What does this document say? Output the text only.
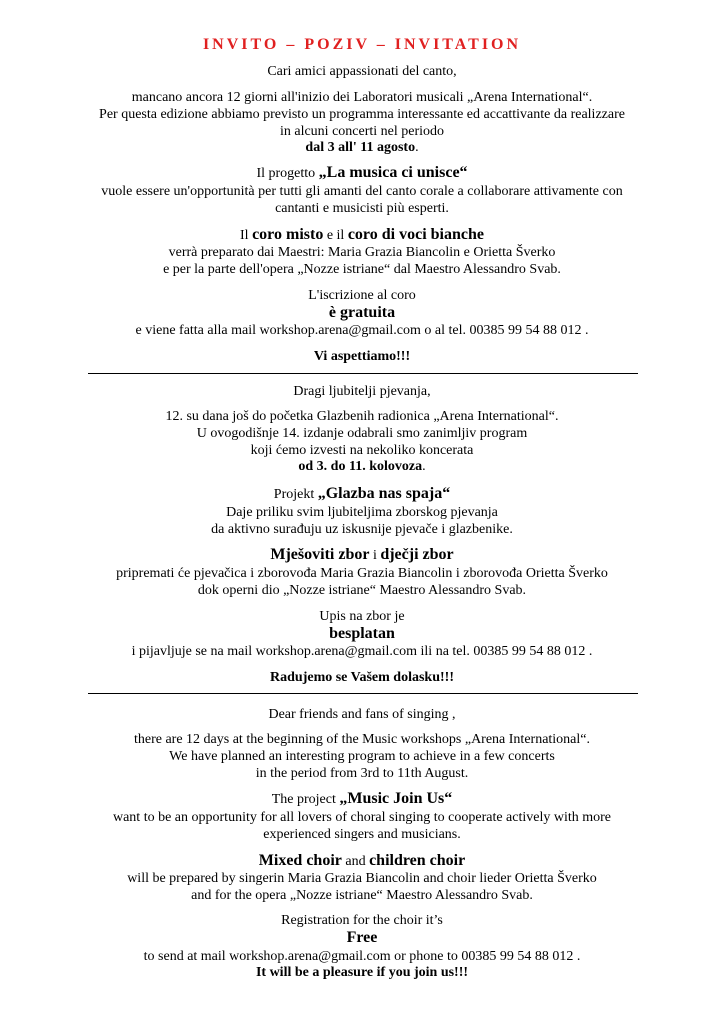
INVITO – POZIV – INVITATION
Cari amici appassionati del canto,
mancano ancora 12 giorni all'inizio dei Laboratori musicali „Arena International“.
Per questa edizione abbiamo previsto un programma interessante ed accattivante da realizzare
in alcuni concerti nel periodo
dal 3 all' 11 agosto.
Il progetto „La musica ci unisce“
vuole essere un'opportunità per tutti gli amanti del canto corale a collaborare attivamente con
cantanti e musicisti più esperti.
Il coro misto e il coro di voci bianche
verrà preparato dai Maestri: Maria Grazia Biancolin e Orietta Šverko
e per la parte dell'opera „Nozze istriane“ dal Maestro Alessandro Svab.
L'iscrizione al coro
è gratuita
e viene fatta alla mail workshop.arena@gmail.com o al tel. 00385 99 54 88 012 .
Vi aspettiamo!!!
Dragi ljubitelji pjevanja,
12. su dana još do početka Glazbenih radionica „Arena International“.
U ovogodišnje 14. izdanje odabrali smo zanimljiv program
koji ćemo izvesti na nekoliko koncerata
od 3. do 11. kolovoza.
Projekt „Glazba nas spaja“
Daje priliku svim ljubiteljima zborskog pjevanja
da aktivno surađuju uz iskusnije pjevače i glazbenike.
Mješoviti zbor i dječji zbor
pripremati će pjevačica i zborovođa Maria Grazia Biancolin i zborovođa Orietta Šverko
dok operni dio „Nozze istriane“ Maestro Alessandro Svab.
Upis na zbor je
besplatan
i pijavljuje se na mail workshop.arena@gmail.com ili na tel. 00385 99 54 88 012 .
Radujemo se Vašem dolasku!!!
Dear friends and fans of singing ,
there are 12 days at the beginning of the Music workshops „Arena International“.
We have planned an interesting program to achieve in a few concerts
in the period from 3rd to 11th August.
The project „Music Join Us“
want to be an opportunity for all lovers of choral singing to cooperate actively with more
experienced singers and musicians.
Mixed choir and children choir
will be prepared by singerin Maria Grazia Biancolin and choir lieder Orietta Šverko
and for the opera „Nozze istriane“ Maestro Alessandro Svab.
Registration for the choir it’s
Free
to send at mail workshop.arena@gmail.com or phone to 00385 99 54 88 012 .
It will be a pleasure if you join us!!!
